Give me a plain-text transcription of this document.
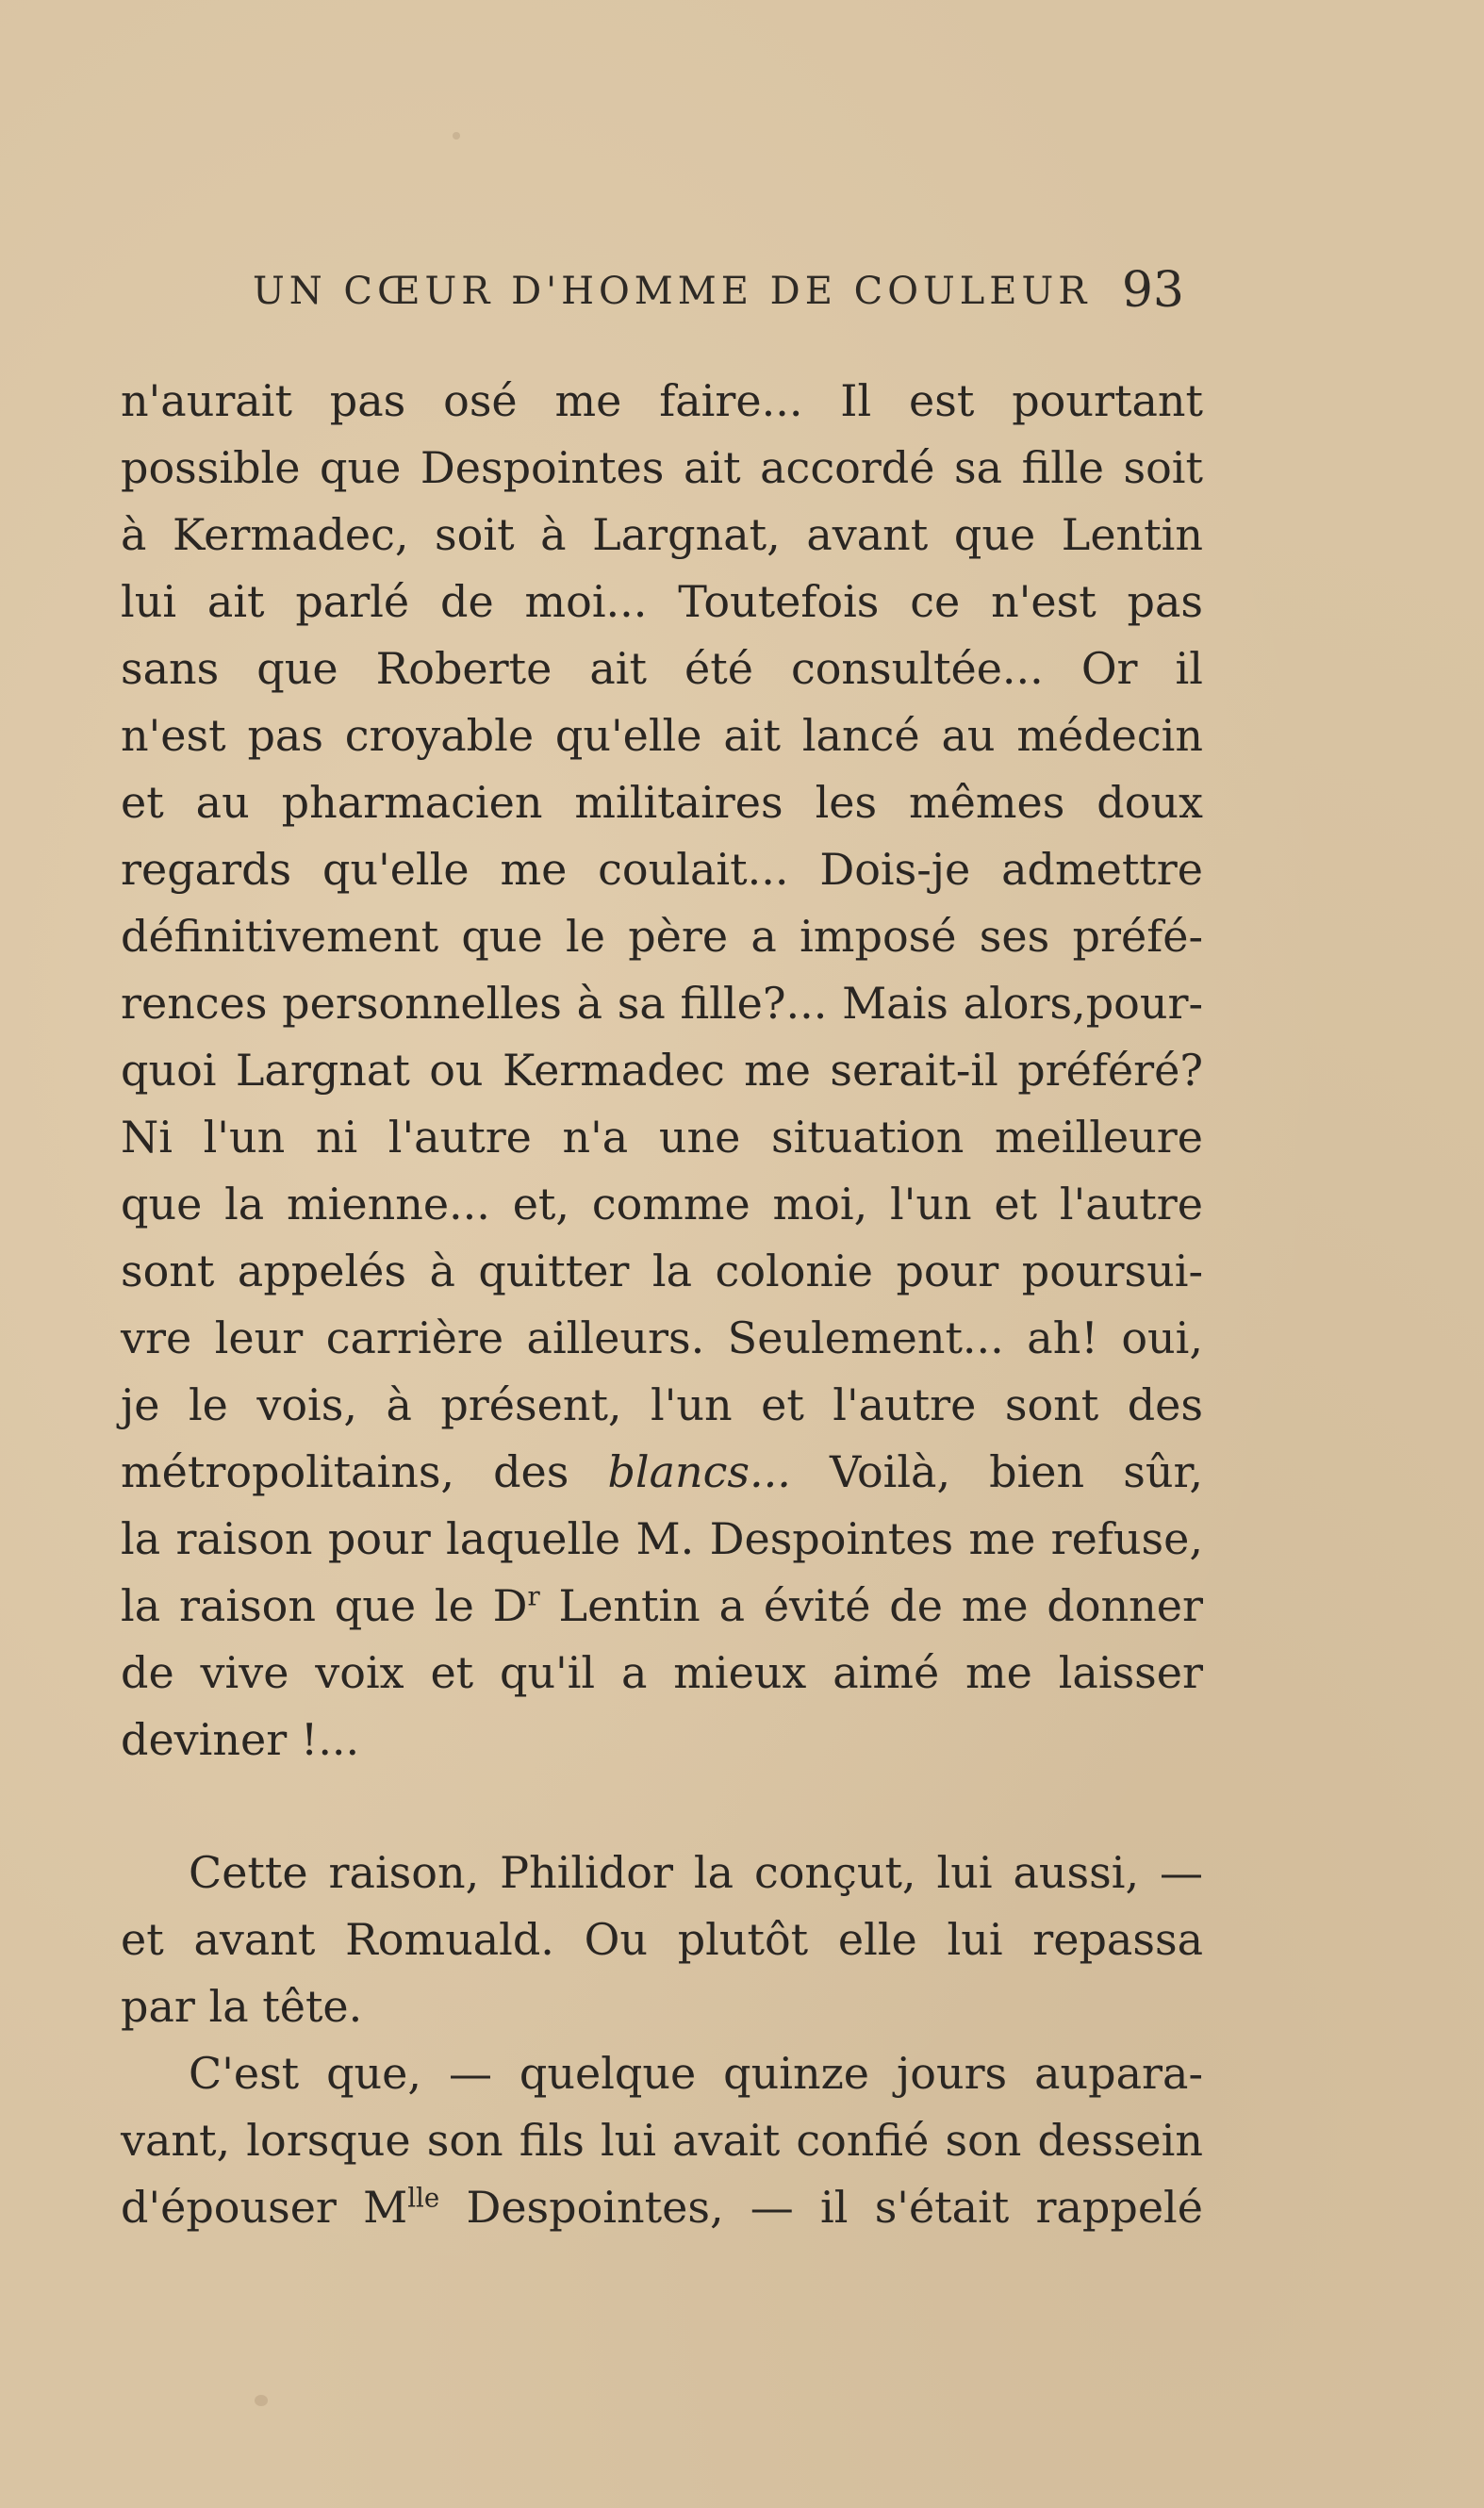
UN CŒUR D'HOMME DE COULEUR 93
n'aurait pas osé me faire... Il est pourtant
possible que Despointes ait accordé sa fille soit
à Kermadec, soit à Largnat, avant que Lentin
lui ait parlé de moi... Toutefois ce n'est pas
sans que Roberte ait été consultée... Or il
n'est pas croyable qu'elle ait lancé au médecin
et au pharmacien militaires les mêmes doux
regards qu'elle me coulait... Dois-je admettre
définitivement que le père a imposé ses préfé-
rences personnelles à sa fille?... Mais alors,pour-
quoi Largnat ou Kermadec me serait-il préféré?
Ni l'un ni l'autre n'a une situation meilleure
que la mienne... et, comme moi, l'un et l'autre
sont appelés à quitter la colonie pour poursui-
vre leur carrière ailleurs. Seulement... ah! oui,
je le vois, à présent, l'un et l'autre sont des
métropolitains, des blancs... Voilà, bien sûr,
la raison pour laquelle M. Despointes me refuse,
la raison que le $D^r$ Lentin a évité de me donner
de vive voix et qu'il a mieux aimé me laisser
deviner !...
Cette raison, Philidor la conçut, lui aussi, —
et avant Romuald. Ou plutôt elle lui repassa
par la tête.
C'est que, — quelque quinze jours aupara-
vant, lorsque son fils lui avait confié son dessein
d'épouser $M^{lle}$ Despointes, — il s'était rappelé
